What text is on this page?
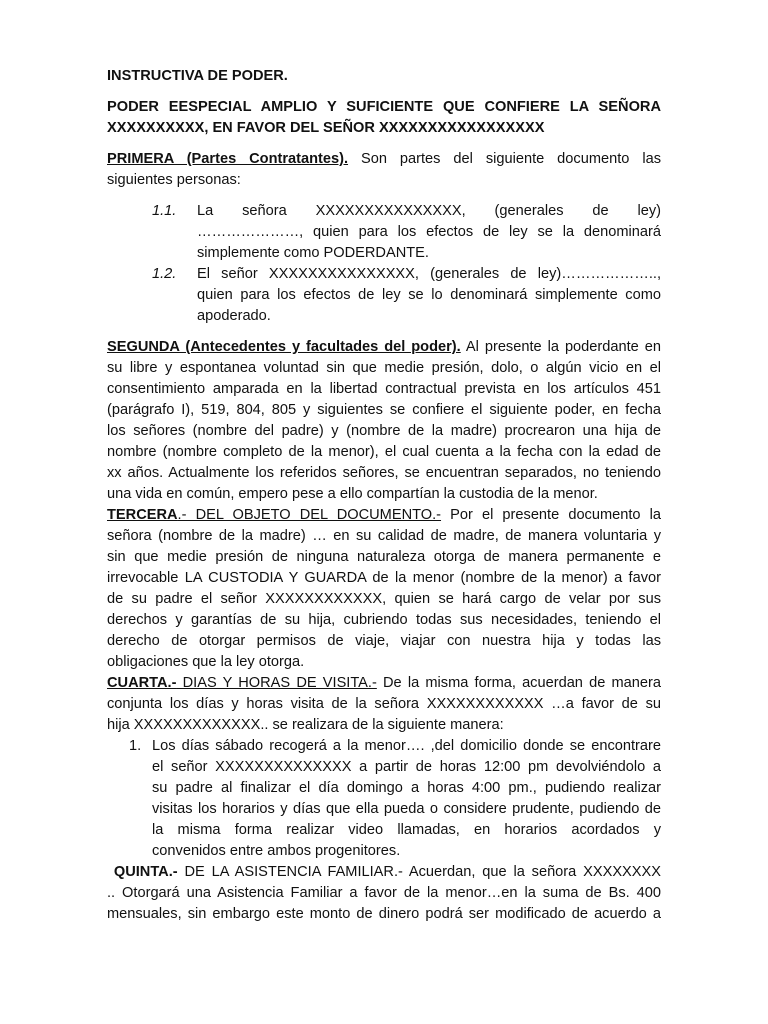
INSTRUCTIVA DE PODER.
PODER EESPECIAL AMPLIO Y SUFICIENTE QUE CONFIERE LA SEÑORA
XXXXXXXXXX, EN FAVOR DEL SEÑOR XXXXXXXXXXXXXXXXX
PRIMERA (Partes Contratantes). Son partes del siguiente documento las
siguientes personas:
1.1. La señora XXXXXXXXXXXXXXX, (generales de ley)
…………………, quien para los efectos de ley se la denominará
simplemente como PODERDANTE.
1.2. El señor XXXXXXXXXXXXXXX, (generales de ley)………………..,
quien para los efectos de ley se lo denominará simplemente como
apoderado.
SEGUNDA (Antecedentes y facultades del poder). Al presente la poderdante en
su libre y espontanea voluntad sin que medie presión, dolo, o algún vicio en el
consentimiento amparada en la libertad contractual prevista en los artículos 451
(parágrafo I), 519, 804, 805 y siguientes se confiere el siguiente poder, en fecha
los señores (nombre del padre) y (nombre de la madre) procrearon una hija de
nombre (nombre completo de la menor), el cual cuenta a la fecha con la edad de
xx años. Actualmente los referidos señores, se encuentran separados, no teniendo
una vida en común, empero pese a ello compartían la custodia de la menor.
TERCERA.- DEL OBJETO DEL DOCUMENTO.- Por el presente documento la
señora (nombre de la madre) … en su calidad de madre, de manera voluntaria y
sin que medie presión de ninguna naturaleza otorga de manera permanente e
irrevocable LA CUSTODIA Y GUARDA de la menor (nombre de la menor) a favor
de su padre el señor XXXXXXXXXXXX, quien se hará cargo de velar por sus
derechos y garantías de su hija, cubriendo todas sus necesidades, teniendo el
derecho de otorgar permisos de viaje, viajar con nuestra hija y todas las
obligaciones que la ley otorga.
CUARTA.- DIAS Y HORAS DE VISITA.- De la misma forma, acuerdan de manera
conjunta los días y horas visita de la señora XXXXXXXXXXXX …a favor de su
hija XXXXXXXXXXXXX.. se realizara de la siguiente manera:
1. Los días sábado recogerá a la menor…. ,del domicilio donde se encontrare
el señor XXXXXXXXXXXXXX a partir de horas 12:00 pm devolviéndolo a
su padre al finalizar el día domingo a horas 4:00 pm., pudiendo realizar
visitas los horarios y días que ella pueda o considere prudente, pudiendo de
la misma forma realizar video llamadas, en horarios acordados y
convenidos entre ambos progenitores.
QUINTA.- DE LA ASISTENCIA FAMILIAR.- Acuerdan, que la señora XXXXXXXX
.. Otorgará una Asistencia Familiar a favor de la menor…en la suma de Bs. 400
mensuales, sin embargo este monto de dinero podrá ser modificado de acuerdo a
